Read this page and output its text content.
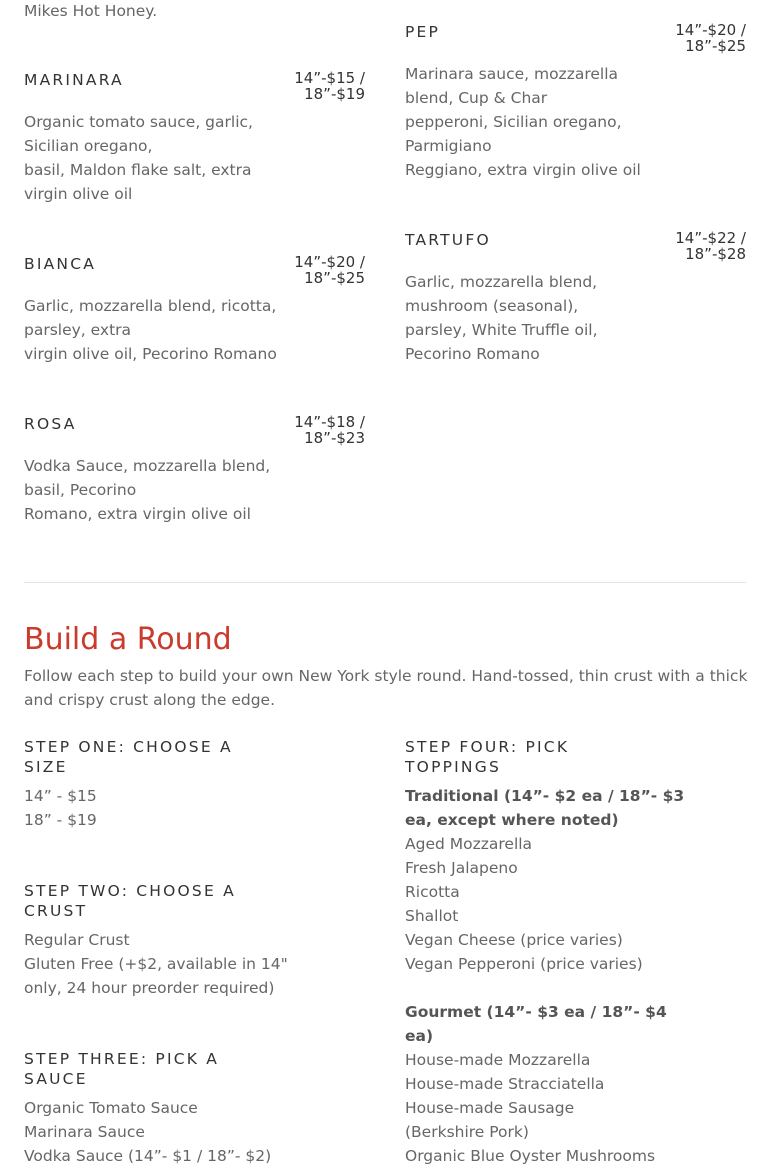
Mikes Hot Honey.
MARINARA	14”-$15 /
18”-$19
Organic tomato sauce, garlic,
Sicilian oregano,
basil, Maldon flake salt, extra
virgin olive oil
BIANCA	14”-$20 /
18”-$25
Garlic, mozzarella blend, ricotta,
parsley, extra
virgin olive oil, Pecorino Romano
ROSA	14”-$18 /
18”-$23
Vodka Sauce, mozzarella blend,
basil, Pecorino
Romano, extra virgin olive oil
PEP	14”-$20 /
18”-$25
Marinara sauce, mozzarella
blend, Cup & Char
pepperoni, Sicilian oregano,
Parmigiano
Reggiano, extra virgin olive oil
TARTUFO	14”-$22 /
18”-$28
Garlic, mozzarella blend,
mushroom (seasonal),
parsley, White Truffle oil,
Pecorino Romano
Build a Round
Follow each step to build your own New York style round. Hand-tossed, thin crust with a thick and crispy crust along the edge.
STEP ONE: CHOOSE A
SIZE
14” - $15
18” - $19
STEP TWO: CHOOSE A
CRUST
Regular Crust
Gluten Free (+$2, available in 14"
only, 24 hour preorder required)
STEP THREE: PICK A
SAUCE
Organic Tomato Sauce
Marinara Sauce
Vodka Sauce (14”- $1 / 18”- $2)
STEP FOUR: PICK
TOPPINGS
Traditional (14”- $2 ea / 18”- $3
ea, except where noted)
Aged Mozzarella
Fresh Jalapeno
Ricotta
Shallot
Vegan Cheese (price varies)
Vegan Pepperoni (price varies)
Gourmet (14”- $3 ea / 18”- $4
ea)
House-made Mozzarella
House-made Stracciatella
House-made Sausage
(Berkshire Pork)
Organic Blue Oyster Mushrooms
